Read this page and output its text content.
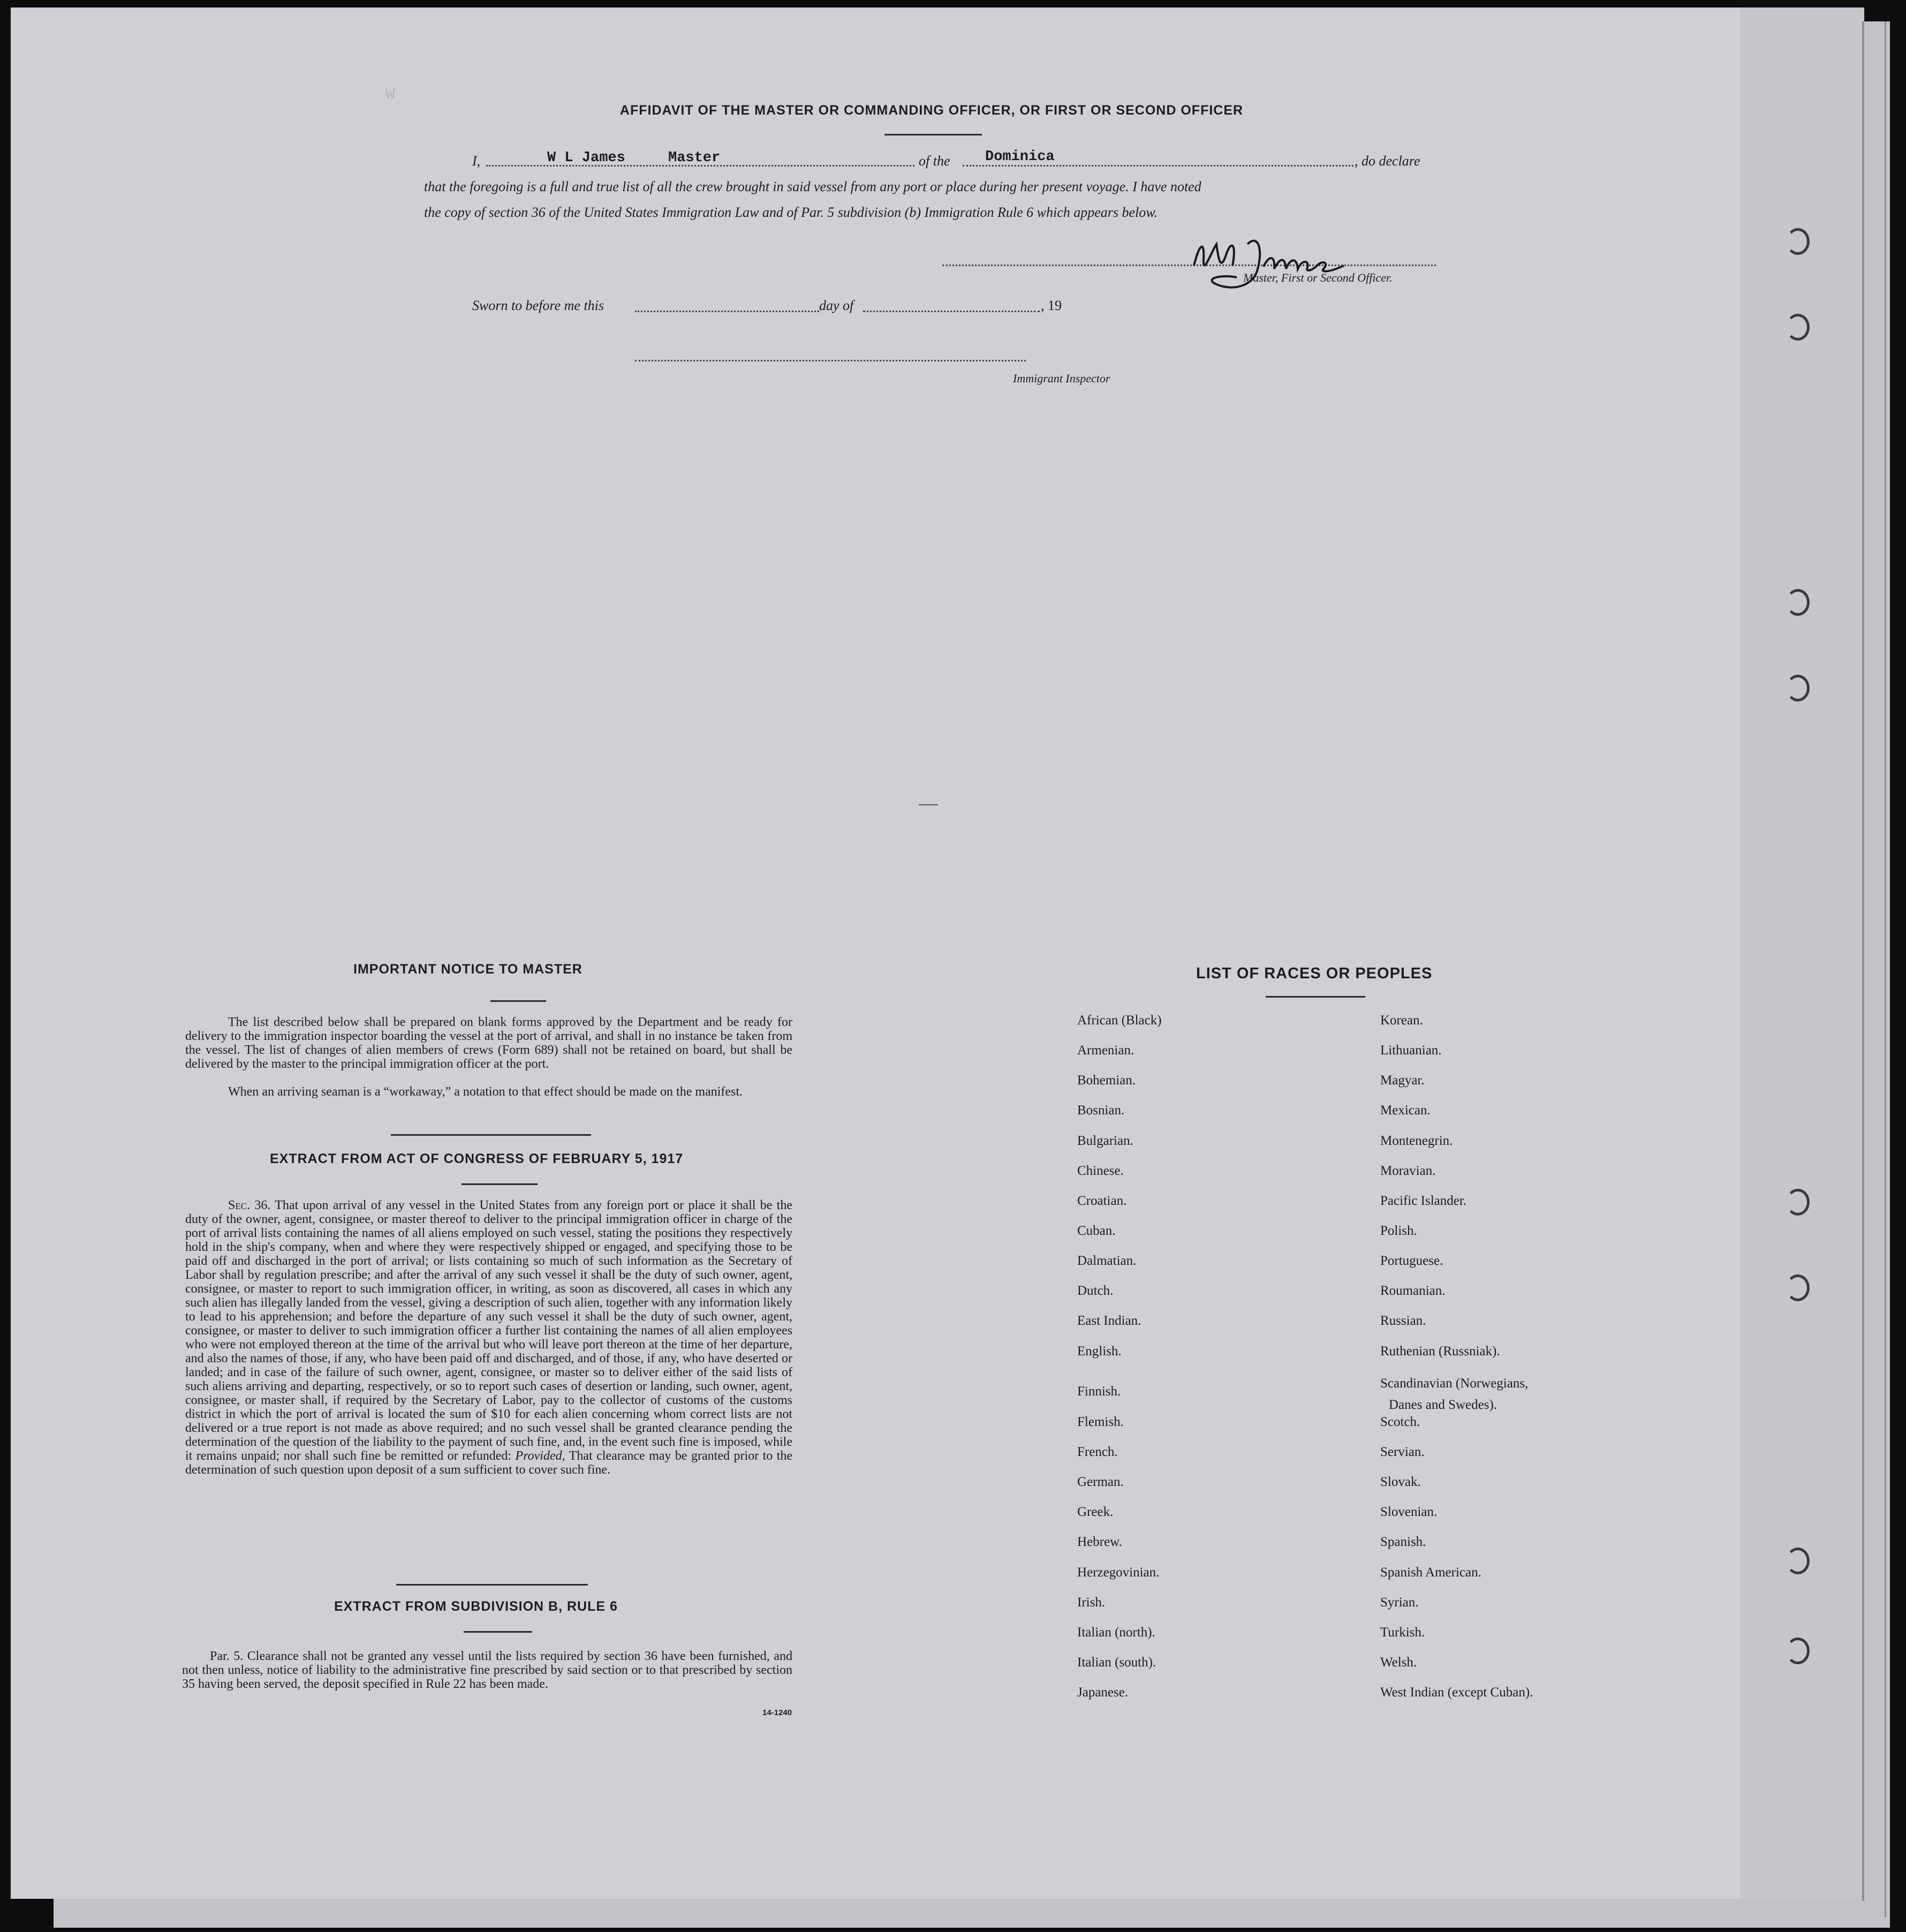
AFFIDAVIT OF THE MASTER OR COMMANDING OFFICER, OR FIRST OR SECOND OFFICER
I,	W L James	Master	of the Dominica	, do declare
that the foregoing is a full and true list of all the crew brought in said vessel from any port or place during her present voyage. I have noted
the copy of section 36 of the United States Immigration Law and of Par. 5 subdivision (b) Immigration Rule 6 which appears below.
Master, First or Second Officer.
Sworn to before me this	day of	, 19
Immigrant Inspector
W
IMPORTANT NOTICE TO MASTER
The list described below shall be prepared on blank forms approved by the Department and be ready for delivery to the immigration inspector boarding the vessel at the port of arrival, and shall in no instance be taken from the vessel. The list of changes of alien members of crews (Form 689) shall not be retained on board, but shall be delivered by the master to the principal immigration officer at the port.
When an arriving seaman is a “workaway,” a notation to that effect should be made on the manifest.
EXTRACT FROM ACT OF CONGRESS OF FEBRUARY 5, 1917
Sec. 36. That upon arrival of any vessel in the United States from any foreign port or place it shall be the duty of the owner, agent, consignee, or master thereof to deliver to the principal immigration officer in charge of the port of arrival lists containing the names of all aliens employed on such vessel, stating the positions they respectively hold in the ship's company, when and where they were respectively shipped or engaged, and specifying those to be paid off and discharged in the port of arrival; or lists containing so much of such information as the Secretary of Labor shall by regulation prescribe; and after the arrival of any such vessel it shall be the duty of such owner, agent, consignee, or master to report to such immigration officer, in writing, as soon as discovered, all cases in which any such alien has illegally landed from the vessel, giving a description of such alien, together with any information likely to lead to his apprehension; and before the departure of any such vessel it shall be the duty of such owner, agent, consignee, or master to deliver to such immigration officer a further list containing the names of all alien employees who were not employed thereon at the time of the arrival but who will leave port thereon at the time of her departure, and also the names of those, if any, who have been paid off and discharged, and of those, if any, who have deserted or landed; and in case of the failure of such owner, agent, consignee, or master so to deliver either of the said lists of such aliens arriving and departing, respectively, or so to report such cases of desertion or landing, such owner, agent, consignee, or master shall, if required by the Secretary of Labor, pay to the collector of customs of the customs district in which the port of arrival is located the sum of $10 for each alien concerning whom correct lists are not delivered or a true report is not made as above required; and no such vessel shall be granted clearance pending the determination of the question of the liability to the payment of such fine, and, in the event such fine is imposed, while it remains unpaid; nor shall such fine be remitted or refunded: Provided, That clearance may be granted prior to the determination of such question upon deposit of a sum sufficient to cover such fine.
EXTRACT FROM SUBDIVISION B, RULE 6
Par. 5. Clearance shall not be granted any vessel until the lists required by section 36 have been furnished, and not then unless, notice of liability to the administrative fine prescribed by said section or to that prescribed by section 35 having been served, the deposit specified in Rule 22 has been made.
14-1240
LIST OF RACES OR PEOPLES
African (Black)
Armenian.
Bohemian.
Bosnian.
Bulgarian.
Chinese.
Croatian.
Cuban.
Dalmatian.
Dutch.
East Indian.
English.
Finnish.
Flemish.
French.
German.
Greek.
Hebrew.
Herzegovinian.
Irish.
Italian (north).
Italian (south).
Japanese.
Korean.
Lithuanian.
Magyar.
Mexican.
Montenegrin.
Moravian.
Pacific Islander.
Polish.
Portuguese.
Roumanian.
Russian.
Ruthenian (Russniak).
Scandinavian (Norwegians,
Scotch.
Servian.
Slovak.
Slovenian.
Spanish.
Spanish American.
Syrian.
Turkish.
Welsh.
West Indian (except Cuban).
Danes and Swedes).
